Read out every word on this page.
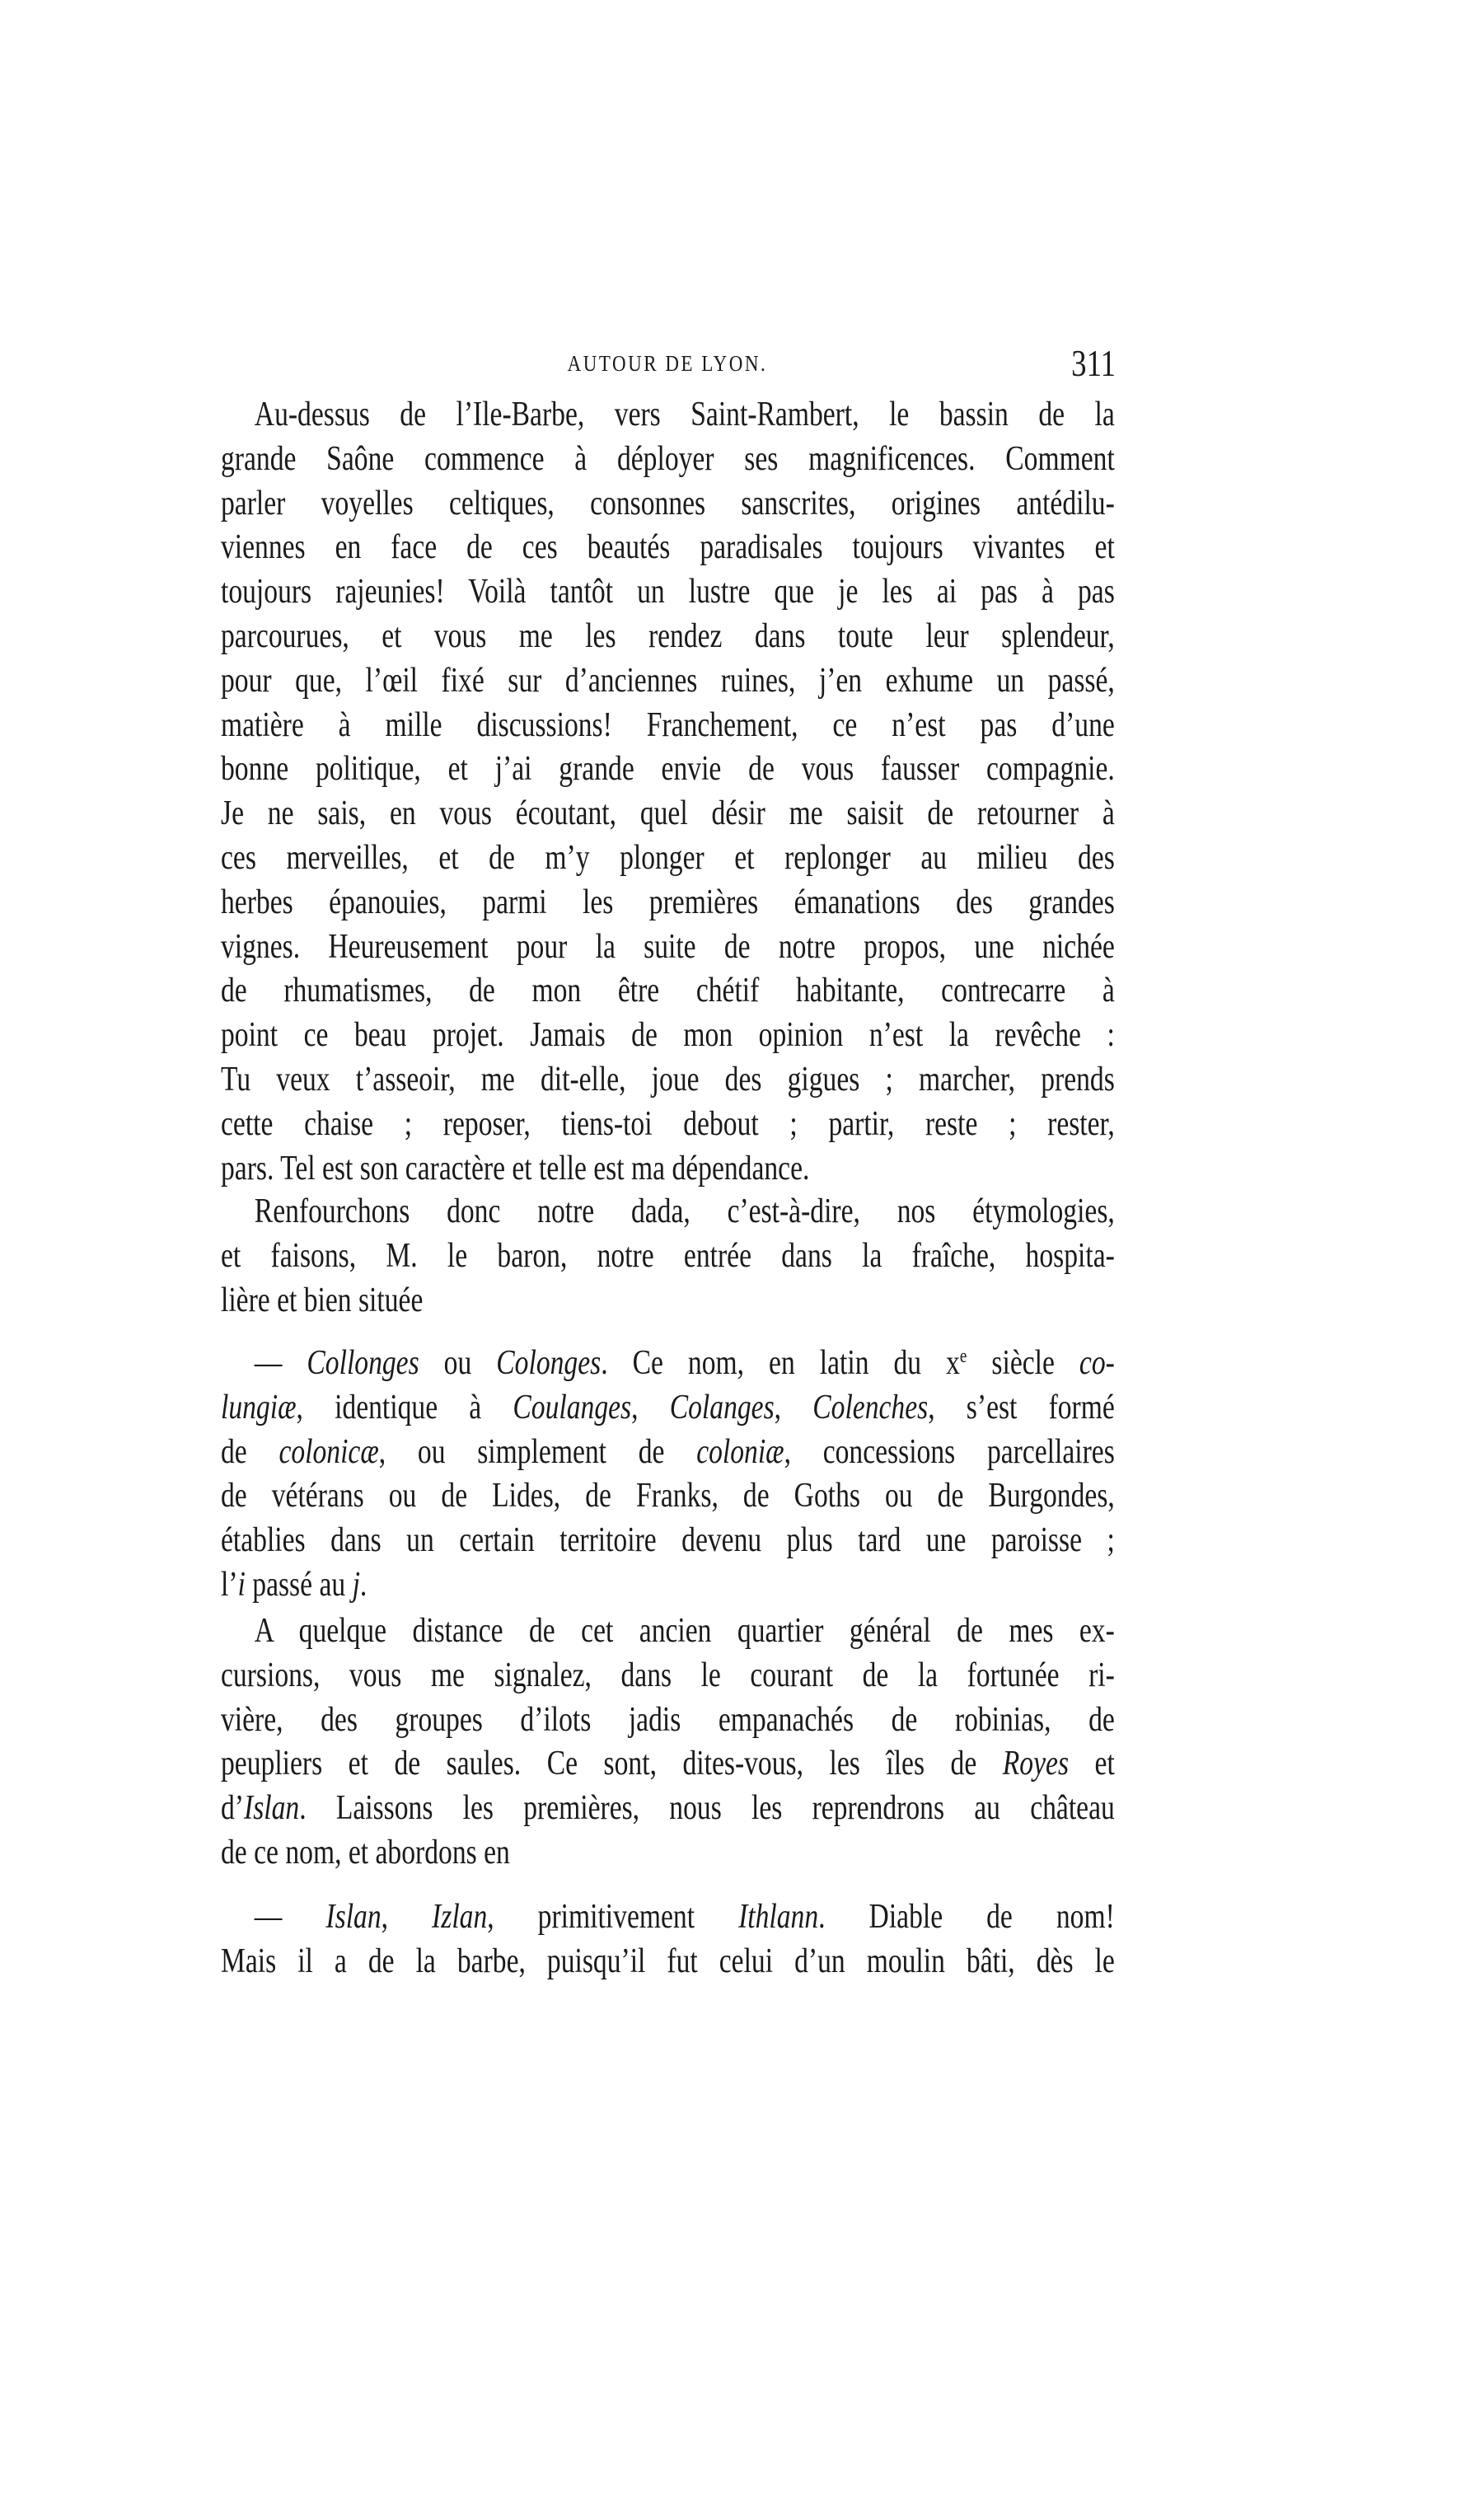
AUTOUR DE LYON.	311
Au-dessus de l’Ile-Barbe, vers Saint-Rambert, le bassin de la
grande Saône commence à déployer ses magnificences. Comment
parler voyelles celtiques, consonnes sanscrites, origines antédilu-
viennes en face de ces beautés paradisales toujours vivantes et
toujours rajeunies! Voilà tantôt un lustre que je les ai pas à pas
parcourues, et vous me les rendez dans toute leur splendeur,
pour que, l’œil fixé sur d’anciennes ruines, j’en exhume un passé,
matière à mille discussions! Franchement, ce n’est pas d’une
bonne politique, et j’ai grande envie de vous fausser compagnie.
Je ne sais, en vous écoutant, quel désir me saisit de retourner à
ces merveilles, et de m’y plonger et replonger au milieu des
herbes épanouies, parmi les premières émanations des grandes
vignes. Heureusement pour la suite de notre propos, une nichée
de rhumatismes, de mon être chétif habitante, contrecarre à
point ce beau projet. Jamais de mon opinion n’est la revêche :
Tu veux t’asseoir, me dit-elle, joue des gigues ; marcher, prends
cette chaise ; reposer, tiens-toi debout ; partir, reste ; rester,
pars. Tel est son caractère et telle est ma dépendance.
Renfourchons donc notre dada, c’est-à-dire, nos étymologies,
et faisons, M. le baron, notre entrée dans la fraîche, hospita-
lière et bien située
— Collonges ou Colonges. Ce nom, en latin du $x^e$ siècle co-
lungiæ, identique à Coulanges, Colanges, Colenches, s’est formé
de colonicæ, ou simplement de coloniæ, concessions parcellaires
de vétérans ou de Lides, de Franks, de Goths ou de Burgondes,
établies dans un certain territoire devenu plus tard une paroisse ;
l’i passé au j.
A quelque distance de cet ancien quartier général de mes ex-
cursions, vous me signalez, dans le courant de la fortunée ri-
vière, des groupes d’ilots jadis empanachés de robinias, de
peupliers et de saules. Ce sont, dites-vous, les îles de Royes et
d’Islan. Laissons les premières, nous les reprendrons au château
de ce nom, et abordons en
— Islan, Izlan, primitivement Ithlann. Diable de nom!
Mais il a de la barbe, puisqu’il fut celui d’un moulin bâti, dès le
